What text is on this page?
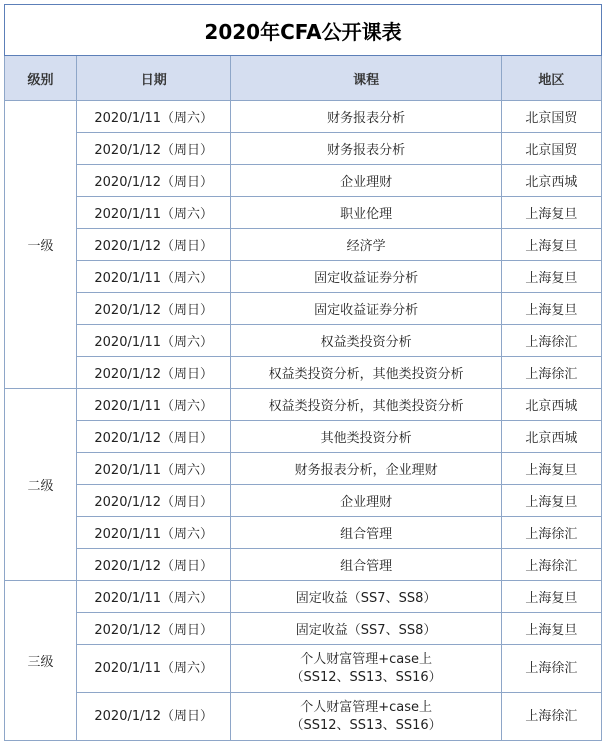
2020年CFA公开课表			
级别	日期	课程	地区
一级	2020/1/11（周六）	财务报表分析	北京国贸
	2020/1/12（周日）	财务报表分析	北京国贸
	2020/1/12（周日）	企业理财	北京西城
	2020/1/11（周六）	职业伦理	上海复旦
	2020/1/12（周日）	经济学	上海复旦
	2020/1/11（周六）	固定收益证券分析	上海复旦
	2020/1/12（周日）	固定收益证券分析	上海复旦
	2020/1/11（周六）	权益类投资分析	上海徐汇
	2020/1/12（周日）	权益类投资分析，其他类投资分析	上海徐汇
二级	2020/1/11（周六）	权益类投资分析，其他类投资分析	北京西城
	2020/1/12（周日）	其他类投资分析	北京西城
	2020/1/11（周六）	财务报表分析，企业理财	上海复旦
	2020/1/12（周日）	企业理财	上海复旦
	2020/1/11（周六）	组合管理	上海徐汇
	2020/1/12（周日）	组合管理	上海徐汇
三级	2020/1/11（周六）	固定收益（SS7、SS8）	上海复旦
	2020/1/12（周日）	固定收益（SS7、SS8）	上海复旦
	2020/1/11（周六）	个人财富管理+case上
（SS12、SS13、SS16）	上海徐汇
	2020/1/12（周日）	个人财富管理+case上
（SS12、SS13、SS16）	上海徐汇
